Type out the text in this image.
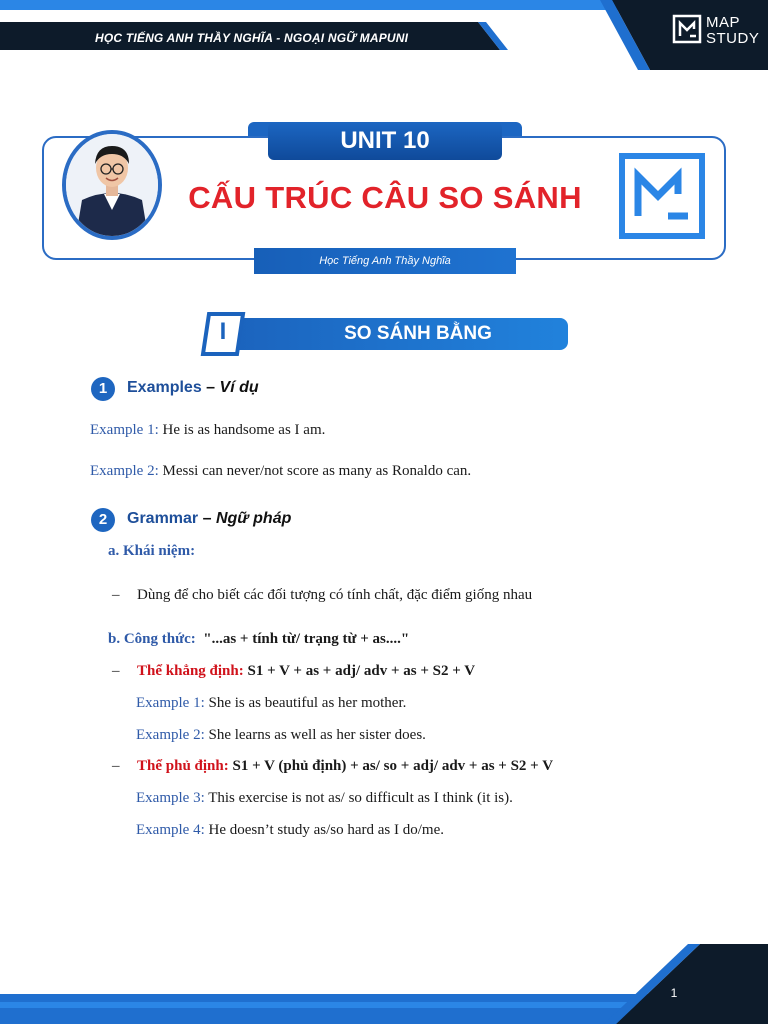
HỌC TIẾNG ANH THẦY NGHĨA - NGOẠI NGỮ MAPUNI
MAP
STUDY
UNIT 10
CẤU TRÚC CÂU SO SÁNH
Học Tiếng Anh Thầy Nghĩa
SO SÁNH BẰNG
I
1	Examples – Ví dụ
Example 1: He is as handsome as I am.
Example 2: Messi can never/not score as many as Ronaldo can.
2	Grammar – Ngữ pháp
a. Khái niệm:
– Dùng để cho biết các đối tượng có tính chất, đặc điểm giống nhau
b. Công thức: "...as + tính từ/ trạng từ + as...."
– Thể khẳng định: S1 + V + as + adj/ adv + as + S2 + V
Example 1: She is as beautiful as her mother.
Example 2: She learns as well as her sister does.
– Thể phủ định: S1 + V (phủ định) + as/ so + adj/ adv + as + S2 + V
Example 3: This exercise is not as/ so difficult as I think (it is).
Example 4: He doesn’t study as/so hard as I do/me.
1
